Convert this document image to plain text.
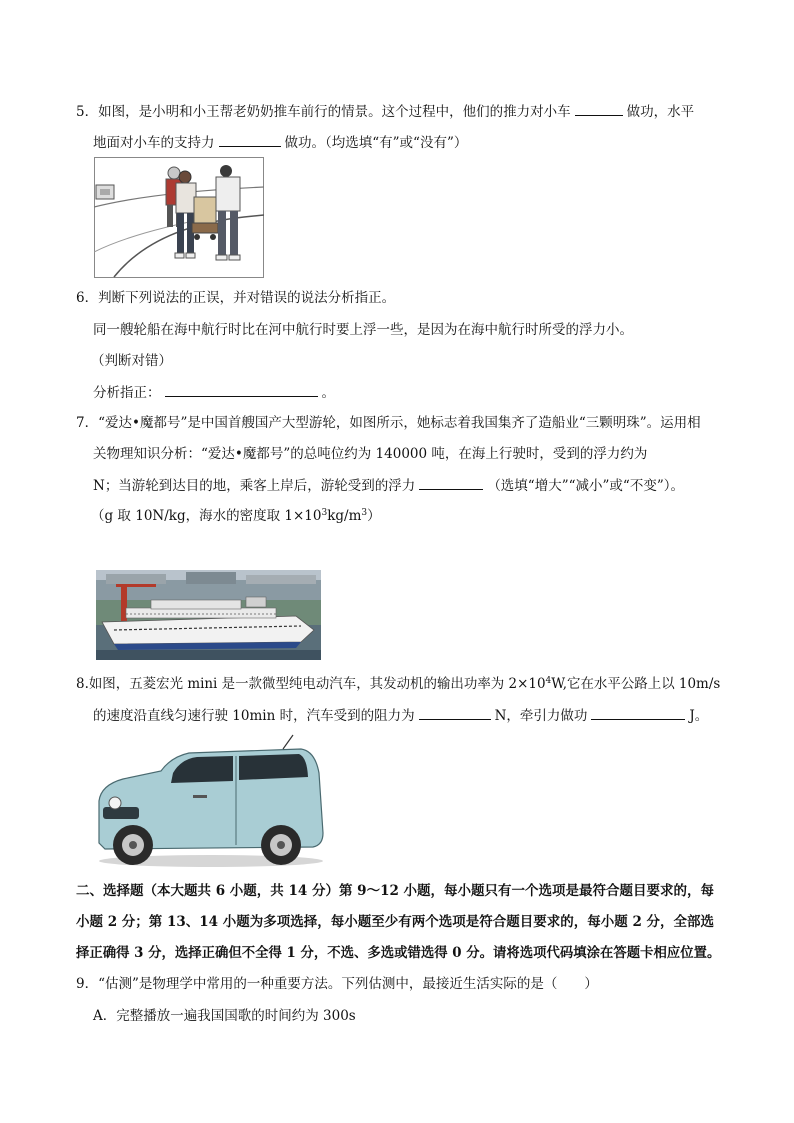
5．如图，是小明和小王帮老奶奶推车前行的情景。这个过程中，他们的推力对小车	做功，水平
地面对小车的支持力	做功。（均选填“有”或“没有”）
6．判断下列说法的正误，并对错误的说法分析指正。
同一艘轮船在海中航行时比在河中航行时要上浮一些，是因为在海中航行时所受的浮力小。
（判断对错）
分析指正：	。
7．“爱达•魔都号”是中国首艘国产大型游轮，如图所示，她标志着我国集齐了造船业“三颗明珠”。运用相
关物理知识分析：“爱达•魔都号”的总吨位约为 140000 吨，在海上行驶时，受到的浮力约为
N；当游轮到达目的地，乘客上岸后，游轮受到的浮力	（选填“增大”“减小”或“不变”）。
（g 取 10N/kg，海水的密度取 $1\times 10^3kg/m^3$）
8.如图，五菱宏光 mini 是一款微型纯电动汽车，其发动机的输出功率为 $2\times 10^4W$,它在水平公路上以 10m/s
的速度沿直线匀速行驶 10min 时，汽车受到的阻力为	N，牵引力做功	J。
二、选择题（本大题共 6 小题，共 14 分）第 9～12 小题，每小题只有一个选项是最符合题目要求的，每
小题 2 分；第 13、14 小题为多项选择，每小题至少有两个选项是符合题目要求的，每小题 2 分，全部选
择正确得 3 分，选择正确但不全得 1 分，不选、多选或错选得 0 分。请将选项代码填涂在答题卡相应位置。
9．“估测”是物理学中常用的一种重要方法。下列估测中，最接近生活实际的是（　　）
A．完整播放一遍我国国歌的时间约为 300s
